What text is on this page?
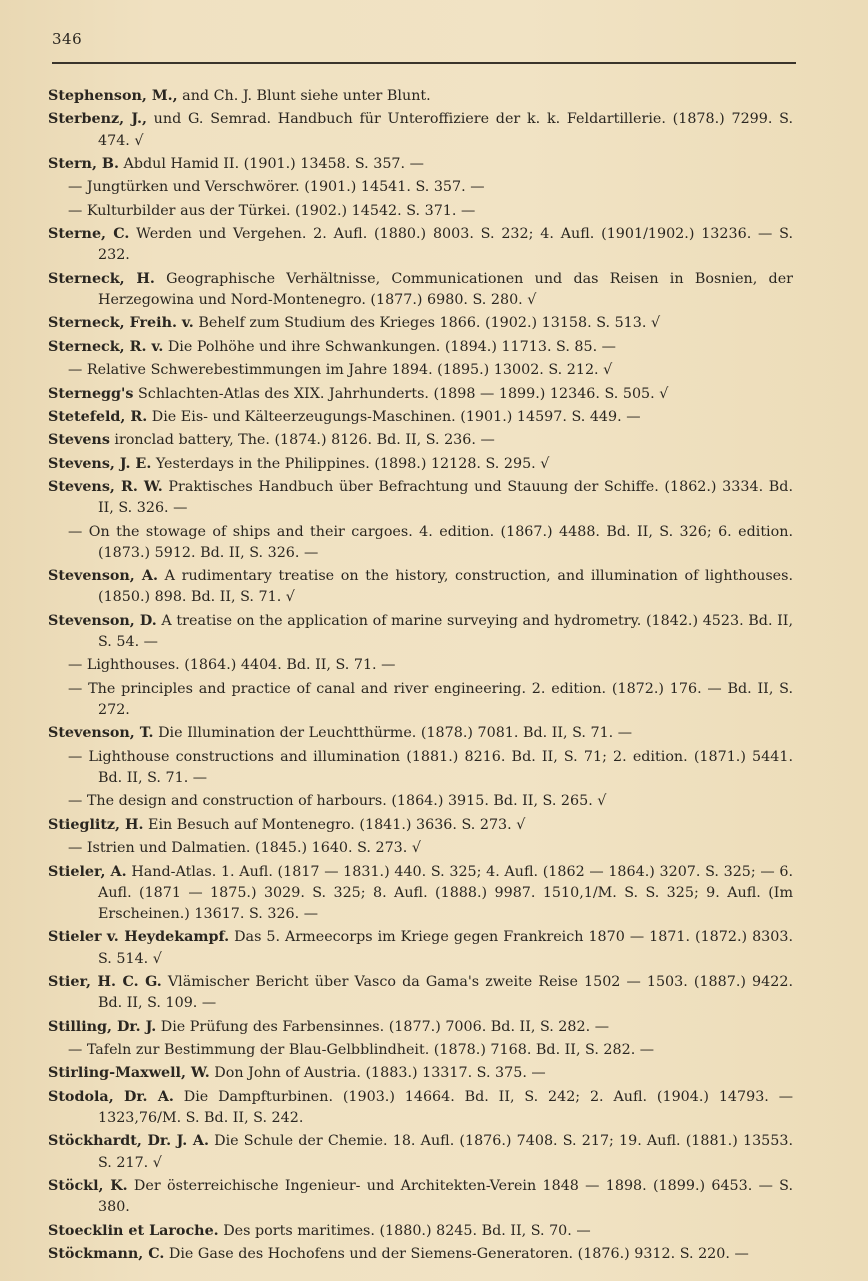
346
Stephenson, M., and Ch. J. Blunt siehe unter Blunt.
Sterbenz, J., und G. Semrad. Handbuch für Unteroffiziere der k. k. Feldartillerie. (1878.) 7299. S. 474. √
Stern, B. Abdul Hamid II. (1901.) 13458. S. 357. —
— Jungtürken und Verschwörer. (1901.) 14541. S. 357. —
— Kulturbilder aus der Türkei. (1902.) 14542. S. 371. —
Sterne, C. Werden und Vergehen. 2. Aufl. (1880.) 8003. S. 232; 4. Aufl. (1901/1902.) 13236. — S. 232.
Sterneck, H. Geographische Verhältnisse, Communicationen und das Reisen in Bosnien, der Herzegowina und Nord-Montenegro. (1877.) 6980. S. 280. √
Sterneck, Freih. v. Behelf zum Studium des Krieges 1866. (1902.) 13158. S. 513. √
Sterneck, R. v. Die Polhöhe und ihre Schwankungen. (1894.) 11713. S. 85. —
— Relative Schwerebestimmungen im Jahre 1894. (1895.) 13002. S. 212. √
Sternegg's Schlachten-Atlas des XIX. Jahrhunderts. (1898 — 1899.) 12346. S. 505. √
Stetefeld, R. Die Eis- und Kälteerzeugungs-Maschinen. (1901.) 14597. S. 449. —
Stevens ironclad battery, The. (1874.) 8126. Bd. II, S. 236. —
Stevens, J. E. Yesterdays in the Philippines. (1898.) 12128. S. 295. √
Stevens, R. W. Praktisches Handbuch über Befrachtung und Stauung der Schiffe. (1862.) 3334. Bd. II, S. 326. —
— On the stowage of ships and their cargoes. 4. edition. (1867.) 4488. Bd. II, S. 326; 6. edition. (1873.) 5912. Bd. II, S. 326. —
Stevenson, A. A rudimentary treatise on the history, construction, and illumination of lighthouses. (1850.) 898. Bd. II, S. 71. √
Stevenson, D. A treatise on the application of marine surveying and hydrometry. (1842.) 4523. Bd. II, S. 54. —
— Lighthouses. (1864.) 4404. Bd. II, S. 71. —
— The principles and practice of canal and river engineering. 2. edition. (1872.) 176. — Bd. II, S. 272.
Stevenson, T. Die Illumination der Leuchtthürme. (1878.) 7081. Bd. II, S. 71. —
— Lighthouse constructions and illumination (1881.) 8216. Bd. II, S. 71; 2. edition. (1871.) 5441. Bd. II, S. 71. —
— The design and construction of harbours. (1864.) 3915. Bd. II, S. 265. √
Stieglitz, H. Ein Besuch auf Montenegro. (1841.) 3636. S. 273. √
— Istrien und Dalmatien. (1845.) 1640. S. 273. √
Stieler, A. Hand-Atlas. 1. Aufl. (1817 — 1831.) 440. S. 325; 4. Aufl. (1862 — 1864.) 3207. S. 325; — 6. Aufl. (1871 — 1875.) 3029. S. 325; 8. Aufl. (1888.) 9987. 1510,1/M. S. S. 325; 9. Aufl. (Im Erscheinen.) 13617. S. 326. —
Stieler v. Heydekampf. Das 5. Armeecorps im Kriege gegen Frankreich 1870 — 1871. (1872.) 8303. S. 514. √
Stier, H. C. G. Vlämischer Bericht über Vasco da Gama's zweite Reise 1502 — 1503. (1887.) 9422. Bd. II, S. 109. —
Stilling, Dr. J. Die Prüfung des Farbensinnes. (1877.) 7006. Bd. II, S. 282. —
— Tafeln zur Bestimmung der Blau-Gelbblindheit. (1878.) 7168. Bd. II, S. 282. —
Stirling-Maxwell, W. Don John of Austria. (1883.) 13317. S. 375. —
Stodola, Dr. A. Die Dampfturbinen. (1903.) 14664. Bd. II, S. 242; 2. Aufl. (1904.) 14793. — 1323,76/M. S. Bd. II, S. 242.
Stöckhardt, Dr. J. A. Die Schule der Chemie. 18. Aufl. (1876.) 7408. S. 217; 19. Aufl. (1881.) 13553. S. 217. √
Stöckl, K. Der österreichische Ingenieur- und Architekten-Verein 1848 — 1898. (1899.) 6453. — S. 380.
Stoecklin et Laroche. Des ports maritimes. (1880.) 8245. Bd. II, S. 70. —
Stöckmann, C. Die Gase des Hochofens und der Siemens-Generatoren. (1876.) 9312. S. 220. —
